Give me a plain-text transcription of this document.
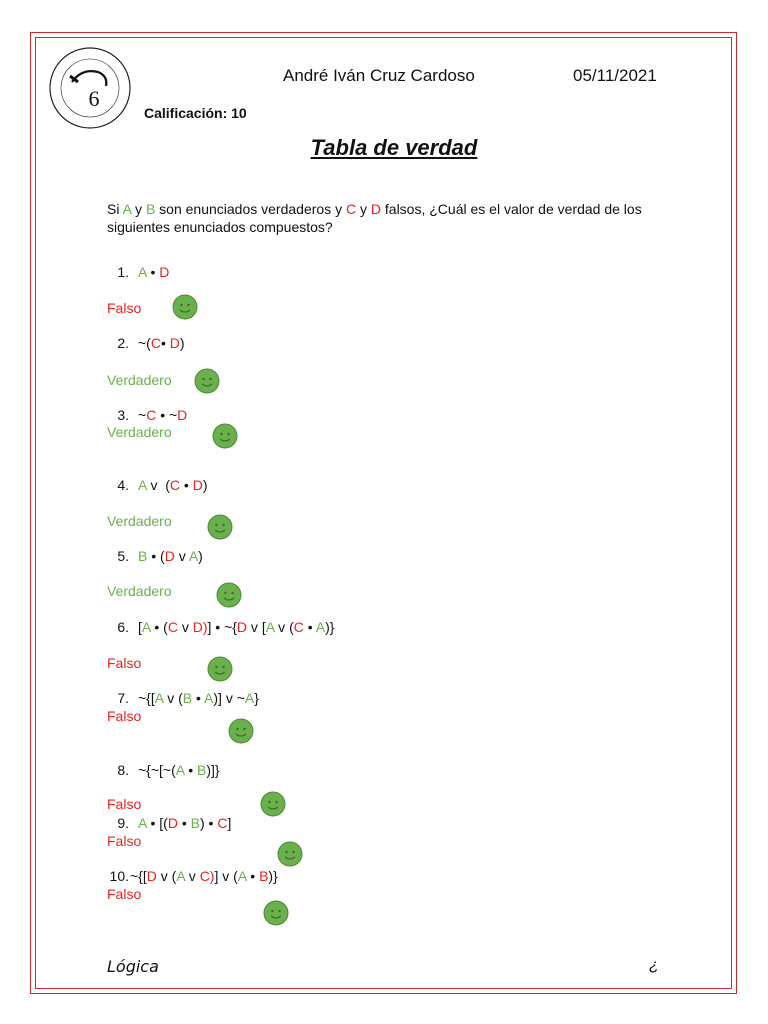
6
André Iván Cruz Cardoso	05/11/2021
Calificación: 10
Tabla de verdad
Si A y B son enunciados verdaderos y C y D falsos, ¿Cuál es el valor de verdad de los siguientes enunciados compuestos?
1. A • D
Falso
2. ~(C• D)
Verdadero
3. ~C • ~D
Verdadero
4. A v  (C • D)
Verdadero
5. B • (D v A)
Verdadero
6. [A • (C v D)] • ~{D v [A v (C • A)}
Falso
7. ~{[A v (B • A)] v ~A}
Falso
8. ~{~[~(A • B)]}
Falso
9. A • [(D • B) • C]
Falso
10.~{[D v (A v C)] v (A • B)}
Falso
Lógica	¿
